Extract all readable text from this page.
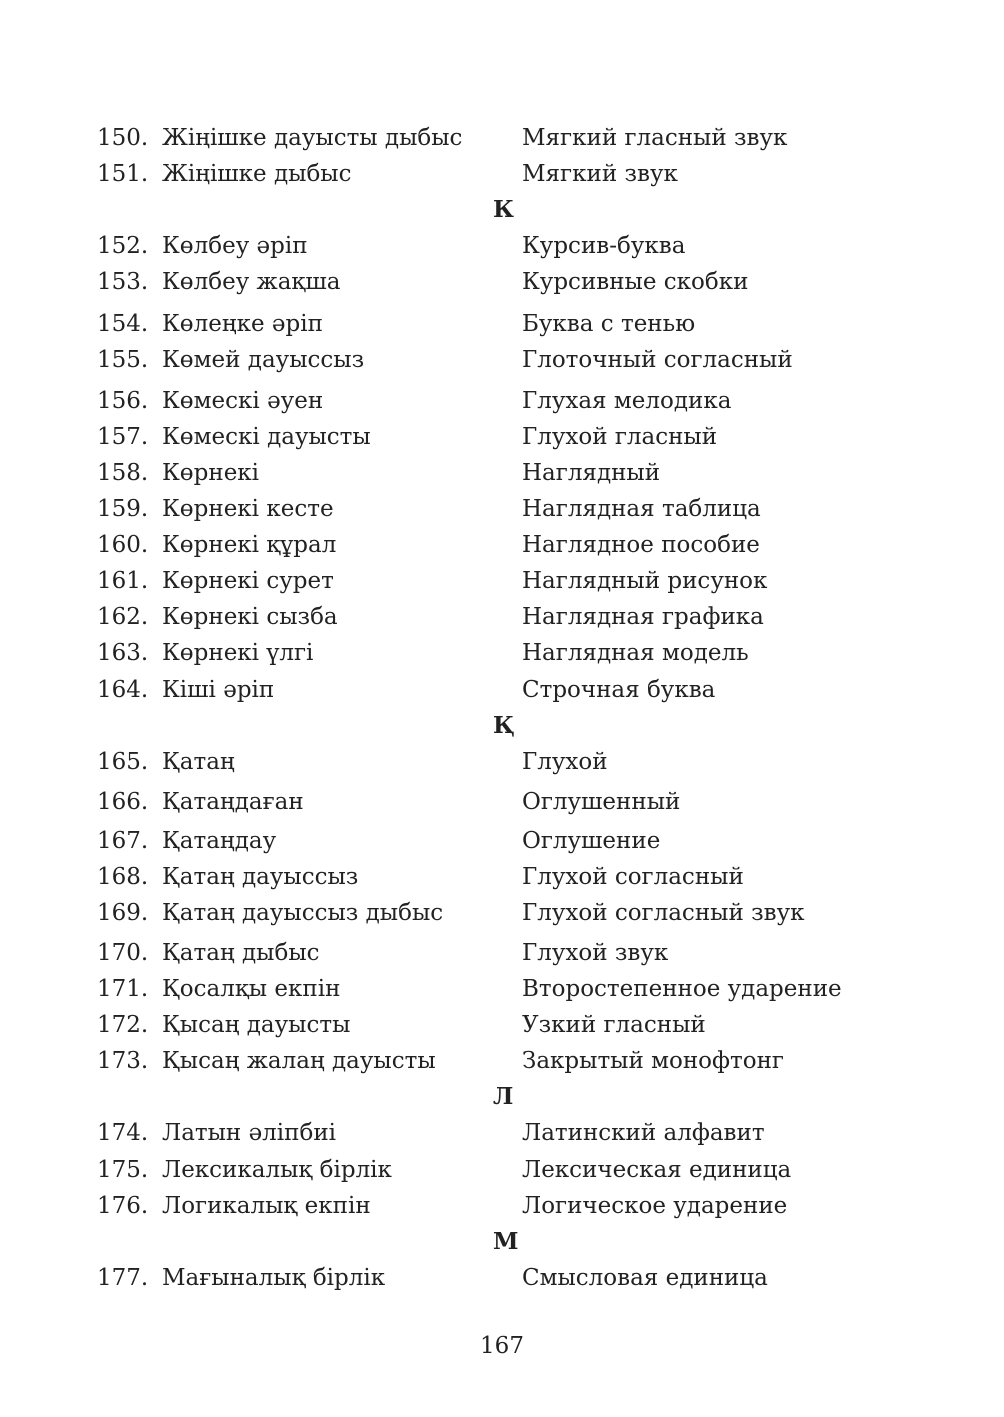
150. Жіңішке дауысты дыбыс	Мягкий гласный звук
151. Жіңішке дыбыс	Мягкий звук
К
152. Көлбеу әріп	Курсив-буква
153. Көлбеу жақша	Курсивные скобки
154. Көлеңке әріп	Буква с тенью
155. Көмей дауыссыз	Глоточный согласный
156. Көмескі әуен	Глухая мелодика
157. Көмескі дауысты	Глухой гласный
158. Көрнекі	Наглядный
159. Көрнекі кесте	Наглядная таблица
160. Көрнекі құрал	Наглядное пособие
161. Көрнекі сурет	Наглядный рисунок
162. Көрнекі сызба	Наглядная графика
163. Көрнекі үлгі	Наглядная модель
164. Кіші әріп	Строчная буква
Қ
165. Қатаң	Глухой
166. Қатаңдаған	Оглушенный
167. Қатаңдау	Оглушение
168. Қатаң дауыссыз	Глухой согласный
169. Қатаң дауыссыз дыбыс	Глухой согласный звук
170. Қатаң дыбыс	Глухой звук
171. Қосалқы екпін	Второстепенное ударение
172. Қысаң дауысты	Узкий гласный
173. Қысаң жалаң дауысты	Закрытый монофтонг
Л
174. Латын әліпбиі	Латинский алфавит
175. Лексикалық бірлік	Лексическая единица
176. Логикалық екпін	Логическое ударение
М
177. Мағыналық бірлік	Смысловая единица
167
